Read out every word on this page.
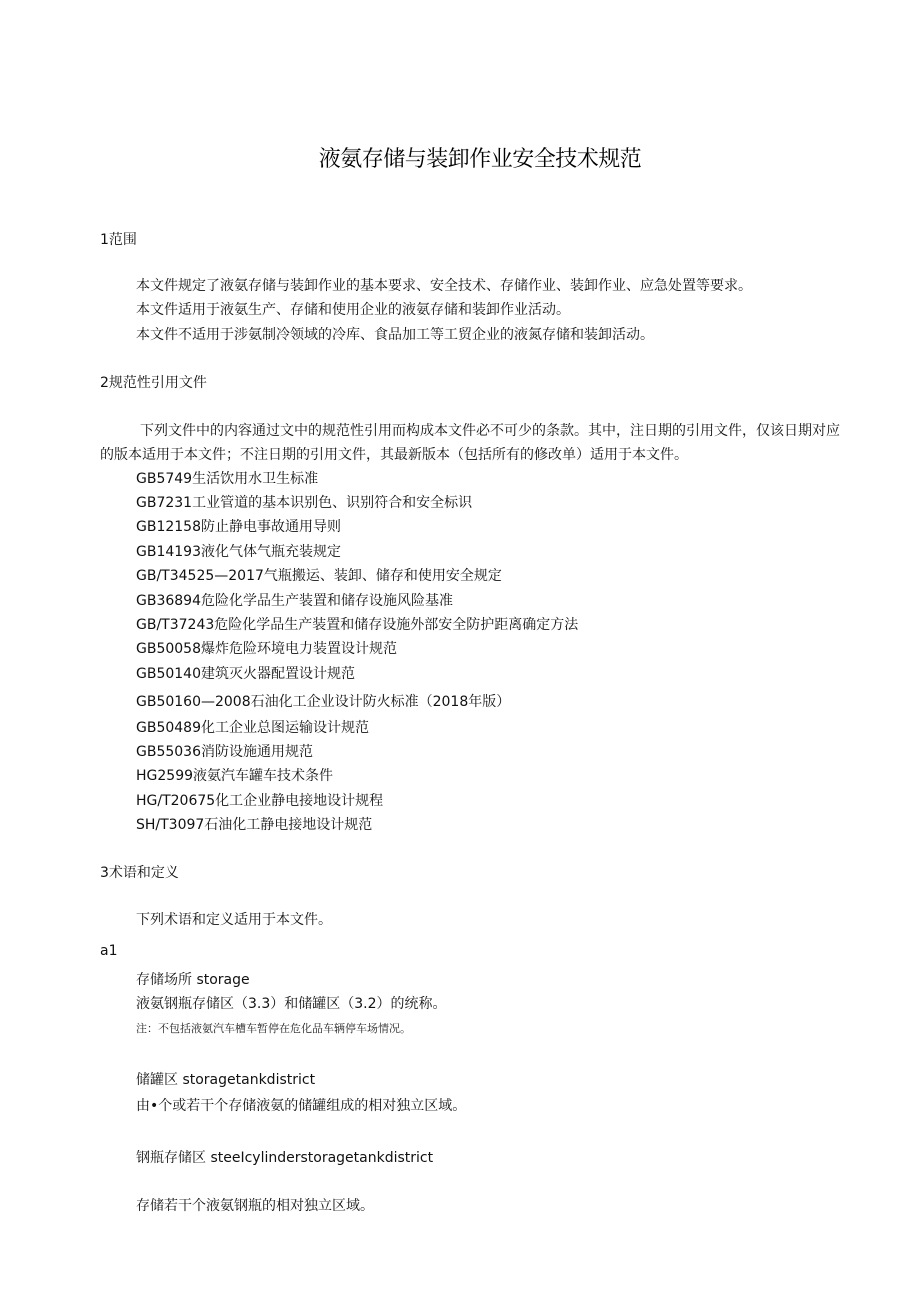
液氨存储与装卸作业安全技术规范
1范围
本文件规定了液氨存储与装卸作业的基本要求、安全技术、存储作业、装卸作业、应急处置等要求。
本文件适用于液氨生产、存储和使用企业的液氨存储和装卸作业活动。
本文件不适用于涉氨制冷领域的冷库、食品加工等工贸企业的液氮存储和装卸活动。
2规范性引用文件
下列文件中的内容通过文中的规范性引用而构成本文件必不可少的条款。其中，注日期的引用文件，仅该日期对应的版本适用于本文件；不注日期的引用文件，其最新版本（包括所有的修改单）适用于本文件。
GB5749生活饮用水卫生标准
GB7231工业管道的基本识别色、识别符合和安全标识
GB12158防止静电事故通用导则
GB14193液化气体气瓶充装规定
GB/T34525—2017气瓶搬运、装卸、储存和使用安全规定
GB36894危险化学品生产装置和储存设施风险基准
GB/T37243危险化学品生产装置和储存设施外部安全防护距离确定方法
GB50058爆炸危险环境电力装置设计规范
GB50140建筑灭火器配置设计规范
GB50160—2008石油化工企业设计防火标准（2018年版）
GB50489化工企业总图运输设计规范
GB55036消防设施通用规范
HG2599液氨汽车罐车技术条件
HG/T20675化工企业静电接地设计规程
SH/T3097石油化工静电接地设计规范
3术语和定义
下列术语和定义适用于本文件。
a1
存储场所 storage
液氨钢瓶存储区（3.3）和储罐区（3.2）的统称。
注：不包括液氨汽车槽车暂停在危化品车辆停车场情况。
储罐区 storagetankdistrict
由•个或若干个存储液氨的储罐组成的相对独立区域。
钢瓶存储区 steeIcylinderstoragetankdistrict
存储若干个液氨钢瓶的相对独立区域。
